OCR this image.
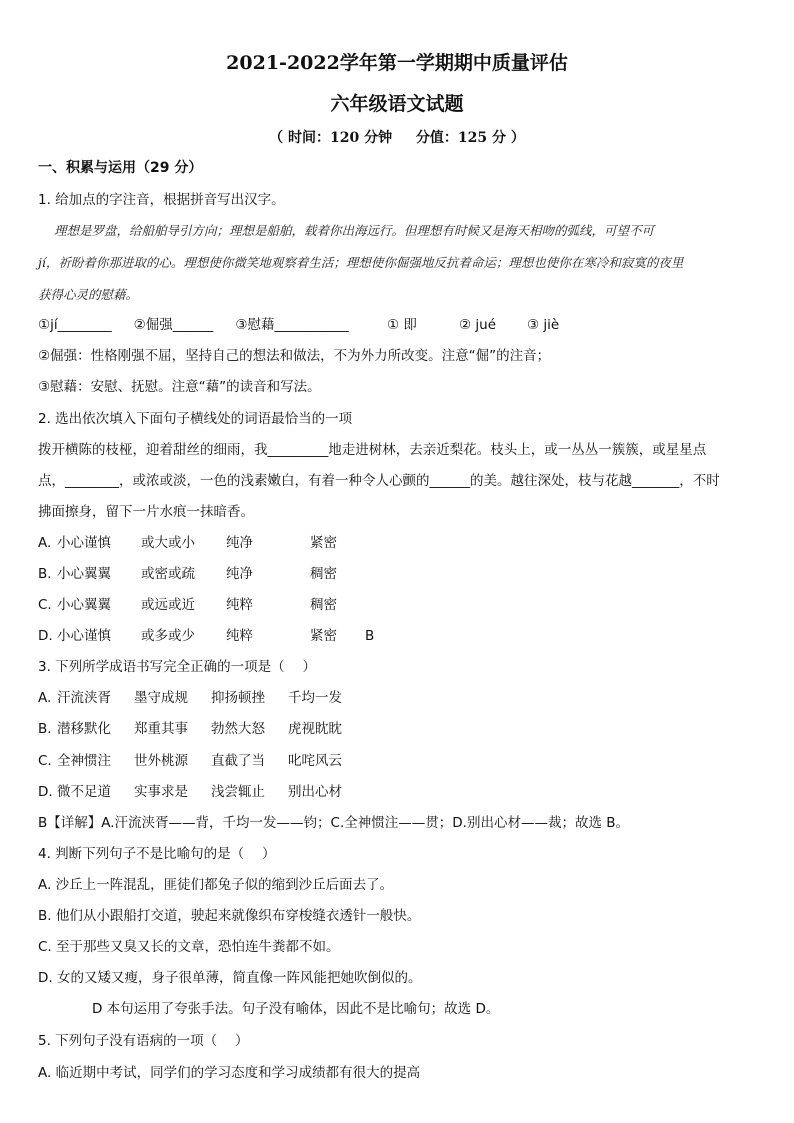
2021-2022学年第一学期期中质量评估
六年级语文试题
（ 时间：120 分钟 　 分值：125 分 ）
一、积累与运用（29 分）
1. 给加点的字注音，根据拼音写出汉字。
理想是罗盘，给船舶导引方向；理想是船舶，载着你出海远行。但理想有时候又是海天相吻的弧线，可望不可
jí，祈盼着你那进取的心。理想使你微笑地观察着生活；理想使你倔强地反抗着命运；理想也使你在寒冷和寂寞的夜里
获得心灵的慰藉。
①jí________ 　 ②倔强______ 　 ③慰藉___________	① 即	② jué ③ jiè
②倔强：性格刚强不屈，坚持自己的想法和做法，不为外力所改变。注意“倔”的注音；
③慰藉：安慰、抚慰。注意“藉”的读音和写法。
2. 选出依次填入下面句子横线处的词语最恰当的一项
拨开横陈的枝桠，迎着甜丝的细雨，我_________地走进树林，去亲近梨花。枝头上，或一丛丛一簇簇，或星星点
点，________，或浓或淡，一色的浅素嫩白，有着一种令人心颤的______的美。越往深处，枝与花越_______，不时
拂面擦身，留下一片水痕一抹暗香。
A. 小心谨慎 或大或小 纯净	紧密
B. 小心翼翼 或密或疏 纯净	稠密
C. 小心翼翼 或远或近 纯粹	稠密
D. 小心谨慎 或多或少 纯粹	紧密 B
3. 下列所学成语书写完全正确的一项是（　 ）
A. 汗流浃胥 墨守成规 抑扬顿挫 千均一发
B. 潜移默化 郑重其事 勃然大怒 虎视眈眈
C. 全神惯注 世外桃源 直截了当 叱咤风云
D. 微不足道 实事求是 浅尝辄止 别出心材
B【详解】A.汗流浃胥——背，千均一发——钧；C.全神惯注——贯；D.别出心材——裁；故选 B。
4. 判断下列句子不是比喻句的是（　 ）
A. 沙丘上一阵混乱，匪徒们都兔子似的缩到沙丘后面去了。
B. 他们从小跟船打交道，驶起来就像织布穿梭缝衣透针一般快。
C. 至于那些又臭又长的文章，恐怕连牛粪都不如。
D. 女的又矮又瘦，身子很单薄，简直像一阵风能把她吹倒似的。
D 本句运用了夸张手法。句子没有喻体，因此不是比喻句；故选 D。
5. 下列句子没有语病的一项（　 ）
A. 临近期中考试，同学们的学习态度和学习成绩都有很大的提高
